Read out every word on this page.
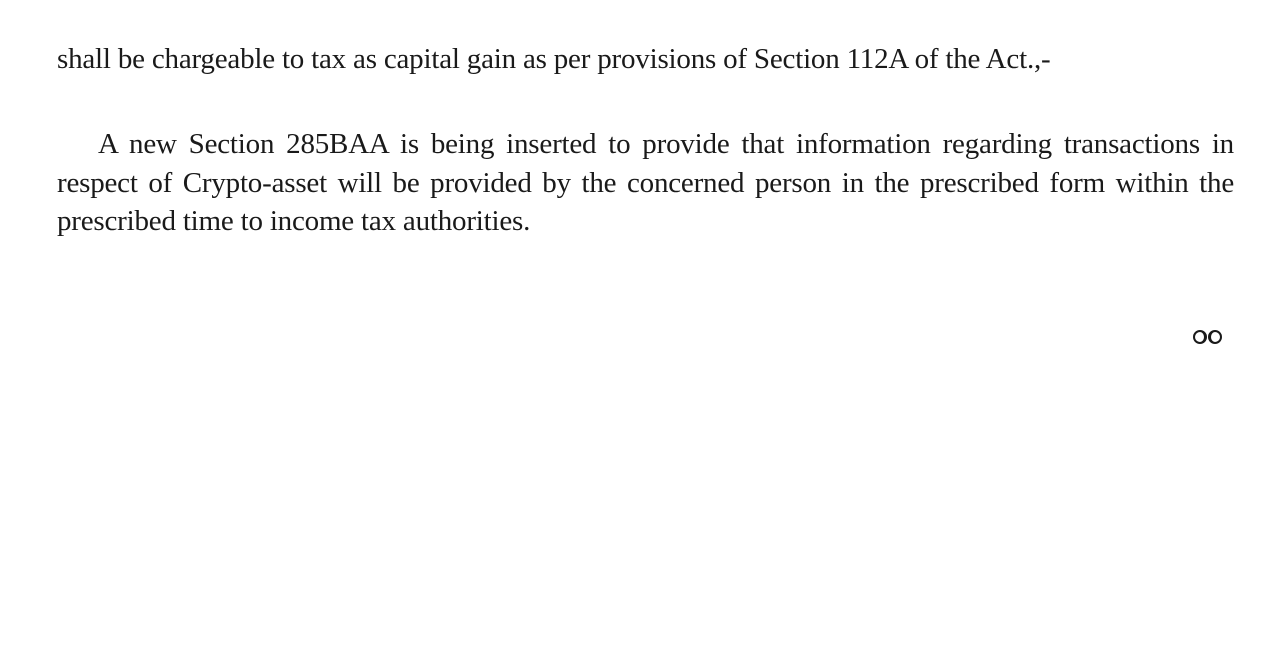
shall be chargeable to tax as capital gain as per provisions of Section 112A of the Act.,-

A new Section 285BAA is being inserted to provide that information regarding transactions in respect of Crypto-asset will be provided by the concerned person in the prescribed form within the prescribed time to income tax authorities.
